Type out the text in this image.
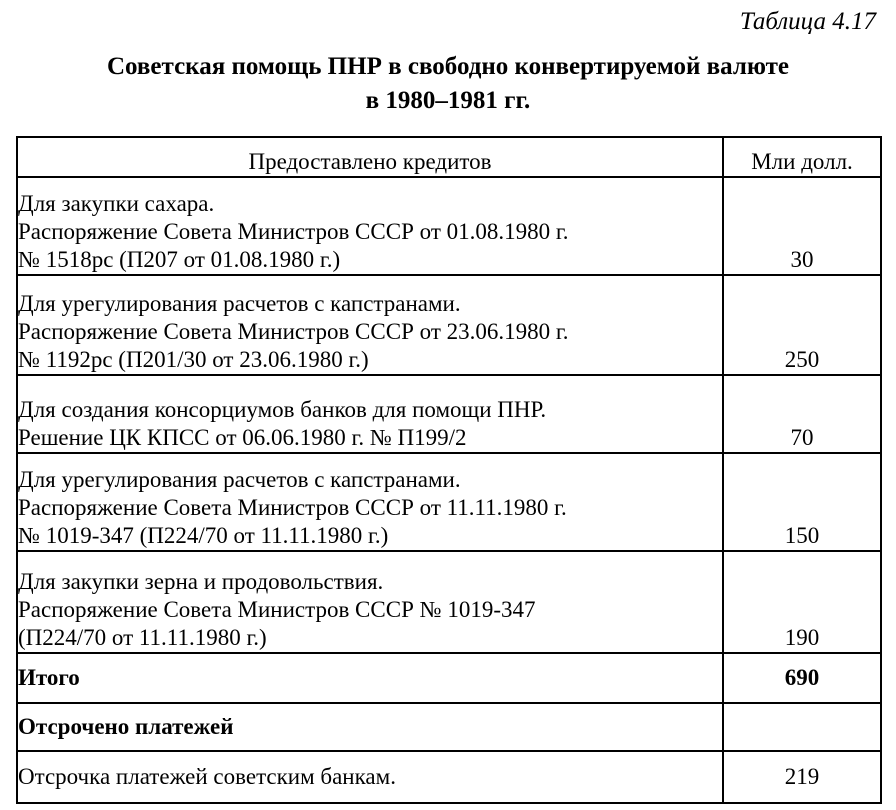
Таблица 4.17
Советская помощь ПНР в свободно конвертируемой валюте
в 1980–1981 гг.
Предоставлено кредитов	Мли долл.

Для закупки сахара.
Распоряжение Совета Министров СССР от 01.08.1980 г.
№ 1518рс (П207 от 01.08.1980 г.)	30

Для урегулирования расчетов с капстранами.
Распоряжение Совета Министров СССР от 23.06.1980 г.
№ 1192рс (П201/30 от 23.06.1980 г.)	250

Для создания консорциумов банков для помощи ПНР.
Решение ЦК КПСС от 06.06.1980 г. № П199/2	70

Для урегулирования расчетов с капстранами.
Распоряжение Совета Министров СССР от 11.11.1980 г.
№ 1019-347 (П224/70 от 11.11.1980 г.)	150

Для закупки зерна и продовольствия.
Распоряжение Совета Министров СССР № 1019-347
(П224/70 от 11.11.1980 г.)	190
Итого	690
Отсрочено платежей	
Отсрочка платежей советским банкам.	219
